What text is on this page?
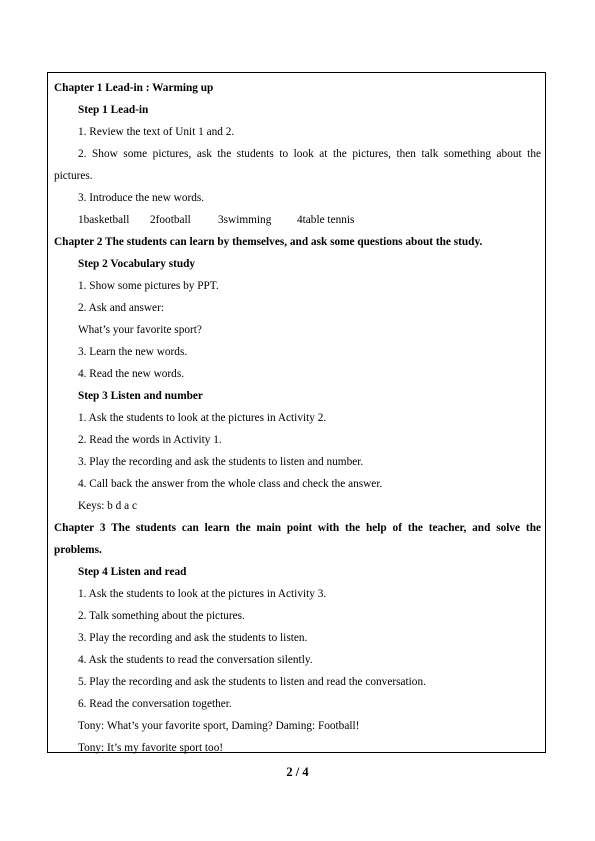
Chapter 1 Lead-in : Warming up
Step 1 Lead-in
1. Review the text of Unit 1 and 2.
2. Show some pictures, ask the students to look at the pictures, then talk something about the
pictures.
3. Introduce the new words.
1basketball 2football 3swimming 4table tennis
Chapter 2 The students can learn by themselves, and ask some questions about the study.
Step 2 Vocabulary study
1. Show some pictures by PPT.
2. Ask and answer:
What’s your favorite sport?
3. Learn the new words.
4. Read the new words.
Step 3 Listen and number
1. Ask the students to look at the pictures in Activity 2.
2. Read the words in Activity 1.
3. Play the recording and ask the students to listen and number.
4. Call back the answer from the whole class and check the answer.
Keys: b d a c
Chapter 3 The students can learn the main point with the help of the teacher, and solve the
problems.
Step 4 Listen and read
1. Ask the students to look at the pictures in Activity 3.
2. Talk something about the pictures.
3. Play the recording and ask the students to listen.
4. Ask the students to read the conversation silently.
5. Play the recording and ask the students to listen and read the conversation.
6. Read the conversation together.
Tony: What’s your favorite sport, Daming? Daming: Football!
Tony: It’s my favorite sport too!
2 / 4
